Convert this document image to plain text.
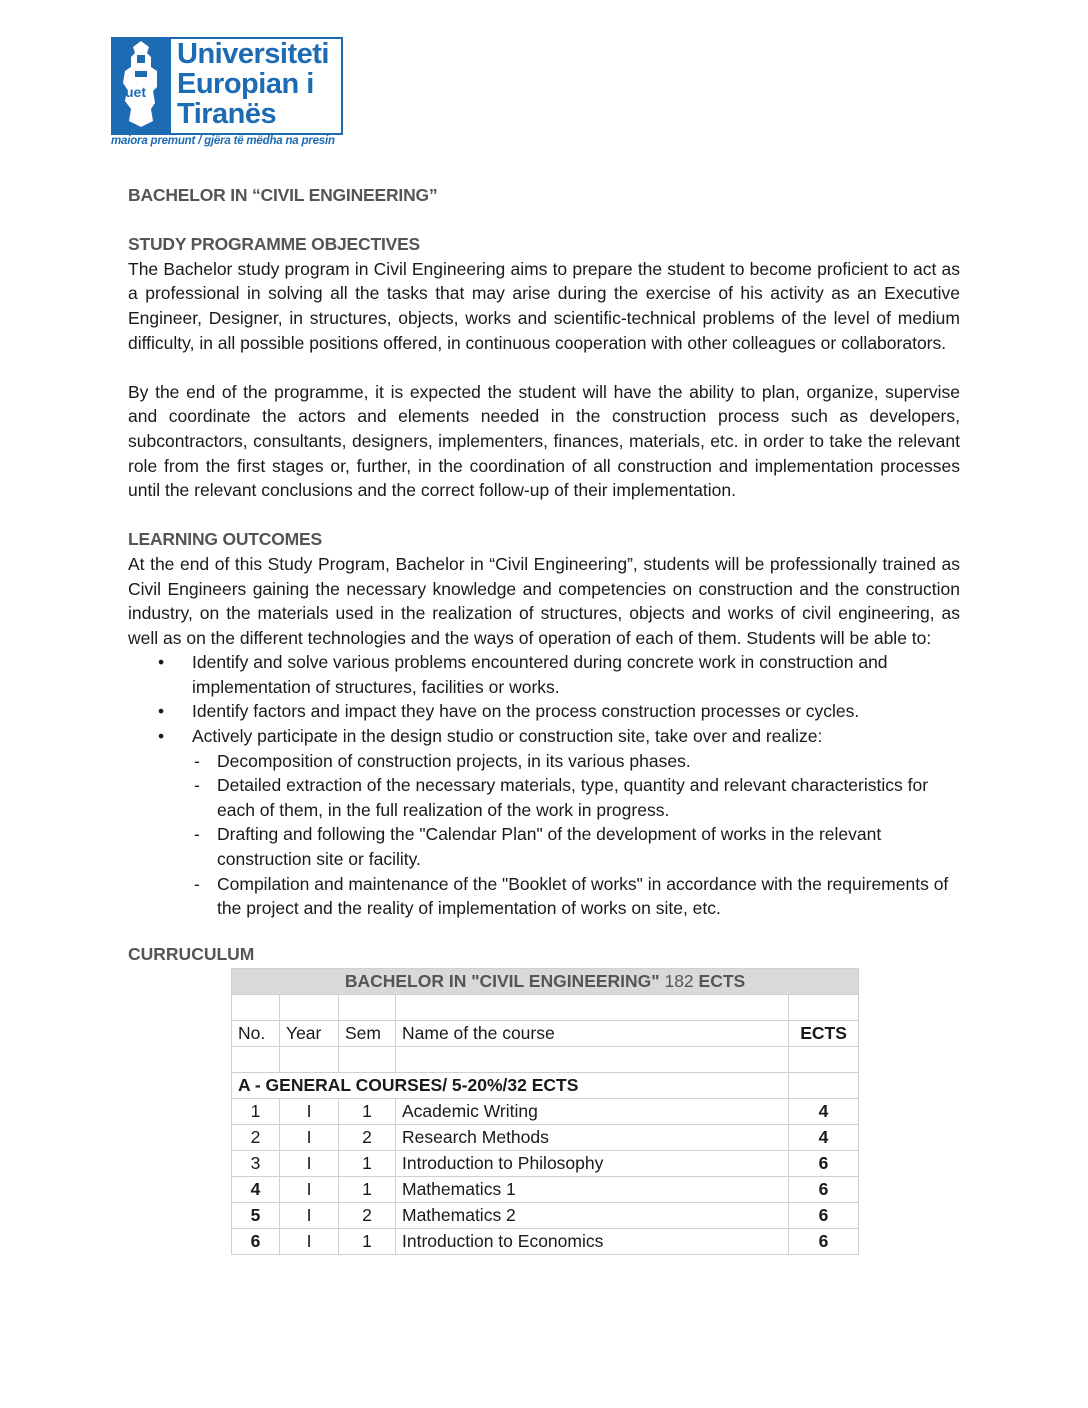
uet
Universiteti
Europian i
Tiranës
maiora premunt / gjëra të mëdha na presin
BACHELOR IN “CIVIL ENGINEERING”
STUDY PROGRAMME OBJECTIVES

The Bachelor study program in Civil Engineering aims to prepare the student to become proficient to act as a professional in solving all the tasks that may arise during the exercise of his activity as an Executive Engineer, Designer, in structures, objects, works and scientific-technical problems of the level of medium difficulty, in all possible positions offered, in continuous cooperation with other colleagues or collaborators.

By the end of the programme, it is expected the student will have the ability to plan, organize, supervise and coordinate the actors and elements needed in the construction process such as developers, subcontractors, consultants, designers, implementers, finances, materials, etc. in order to take the relevant role from the first stages or, further, in the coordination of all construction and implementation processes until the relevant conclusions and the correct follow-up of their implementation.

LEARNING OUTCOMES

At the end of this Study Program, Bachelor in “Civil Engineering”, students will be professionally trained as Civil Engineers gaining the necessary knowledge and competencies on construction and the construction industry, on the materials used in the realization of structures, objects and works of civil engineering, as well as on the different technologies and the ways of operation of each of them. Students will be able to:

• Identify and solve various problems encountered during concrete work in construction and implementation of structures, facilities or works.
• Identify factors and impact they have on the process construction processes or cycles.
• Actively participate in the design studio or construction site, take over and realize:
- Decomposition of construction projects, in its various phases.
- Detailed extraction of the necessary materials, type, quantity and relevant characteristics for each of them, in the full realization of the work in progress.
- Drafting and following the "Calendar Plan" of the development of works in the relevant construction site or facility.
- Compilation and maintenance of the "Booklet of works" in accordance with the requirements of the project and the reality of implementation of works on site, etc.
CURRUCULUM
BACHELOR IN "CIVIL ENGINEERING" 182 ECTS				

No.	Year	Sem	Name of the course	ECTS

A - GENERAL COURSES/ 5-20%/32 ECTS				
1	I	1	Academic Writing	4
2	I	2	Research Methods	4
3	I	1	Introduction to Philosophy	6
4	I	1	Mathematics 1	6
5	I	2	Mathematics 2	6
6	I	1	Introduction to Economics	6
